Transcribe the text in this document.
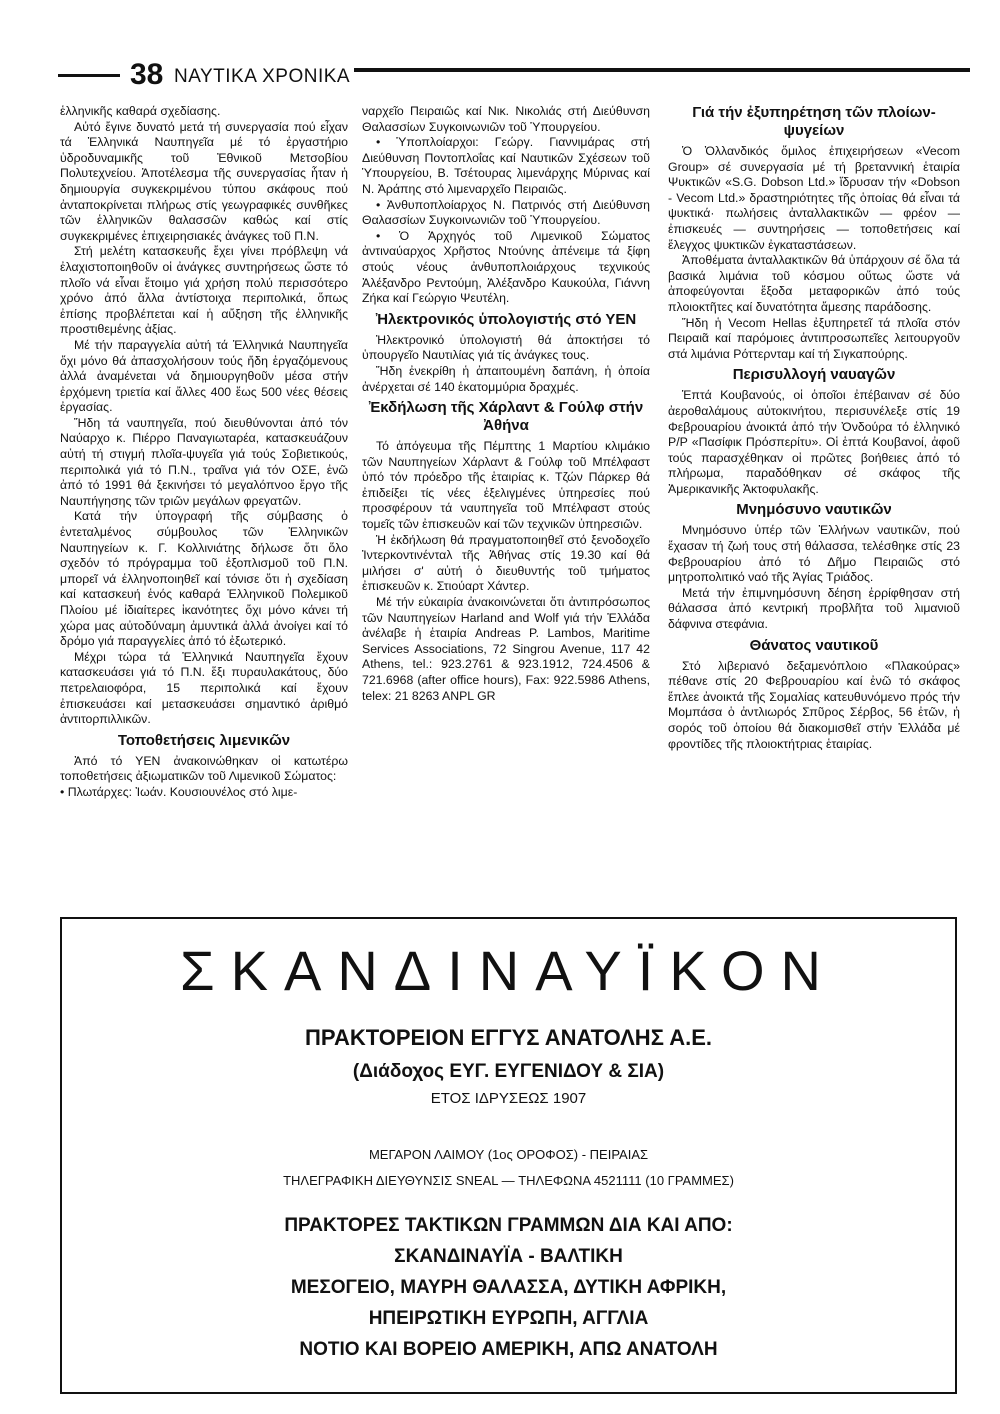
38 ΝΑΥΤΙΚΑ ΧΡΟΝΙΚΑ

ἑλληνικῆς καθαρά σχεδίασης.

Αὐτό ἔγινε δυνατό μετά τή συνεργασία πού εἶχαν τά Ἑλληνικά Ναυπηγεῖα μέ τό ἐργαστήριο ὑδροδυναμικῆς τοῦ Ἐθνικοῦ Μετσοβίου Πολυτεχνείου. Ἀποτέλεσμα τῆς συνεργασίας ἦταν ἡ δημιουργία συγκεκριμένου τύπου σκάφους πού ἀνταποκρίνεται πλήρως στίς γεωγραφικές συνθῆκες τῶν ἑλληνικῶν θαλασσῶν καθώς καί στίς συγκεκριμένες ἐπιχειρησιακές ἀνάγκες τοῦ Π.Ν.

Στή μελέτη κατασκευῆς ἔχει γίνει πρόβλεψη νά ἐλαχιστοποιηθοῦν οἱ ἀνάγκες συντηρήσεως ὥστε τό πλοῖο νά εἶναι ἕτοιμο γιά χρήση πολύ περισσότερο χρόνο ἀπό ἄλλα ἀντίστοιχα περιπολικά, ὅπως ἐπίσης προβλέπεται καί ἡ αὔξηση τῆς ἑλληνικῆς προστιθεμένης ἀξίας.

Μέ τήν παραγγελία αὐτή τά Ἑλληνικά Ναυπηγεῖα ὄχι μόνο θά ἀπασχολήσουν τούς ἤδη ἐργαζόμενους ἀλλά ἀναμένεται νά δημιουργηθοῦν μέσα στήν ἐρχόμενη τριετία καί ἄλλες 400 ἕως 500 νέες θέσεις ἐργασίας.

Ἤδη τά ναυπηγεῖα, πού διευθύνονται ἀπό τόν Ναύαρχο κ. Πιέρρο Παναγιωταρέα, κατασκευάζουν αὐτή τή στιγμή πλοῖα-ψυγεῖα γιά τούς Σοβιετικούς, περιπολικά γιά τό Π.Ν., τραῖνα γιά τόν ΟΣΕ, ἐνῶ ἀπό τό 1991 θά ξεκινήσει τό μεγαλόπνοο ἔργο τῆς Ναυπήγησης τῶν τριῶν μεγάλων φρεγατῶν.

Κατά τήν ὑπογραφή τῆς σύμβασης ὁ ἐντεταλμένος σύμβουλος τῶν Ἑλληνικῶν Ναυπηγείων κ. Γ. Κολλινιάτης δήλωσε ὅτι ὅλο σχεδόν τό πρόγραμμα τοῦ ἐξοπλισμοῦ τοῦ Π.Ν. μπορεῖ νά ἑλληνοποιηθεῖ καί τόνισε ὅτι ἡ σχεδίαση καί κατασκευή ἑνός καθαρά Ἑλληνικοῦ Πολεμικοῦ Πλοίου μέ ἰδιαίτερες ἱκανότητες ὄχι μόνο κάνει τή χώρα μας αὐτοδύναμη ἀμυντικά ἀλλά ἀνοίγει καί τό δρόμο γιά παραγγελίες ἀπό τό ἐξωτερικό.

Μέχρι τώρα τά Ἑλληνικά Ναυπηγεῖα ἔχουν κατασκευάσει γιά τό Π.Ν. ἕξι πυραυλακάτους, δύο πετρελαιοφόρα, 15 περιπολικά καί ἔχουν ἐπισκευάσει καί μετασκευάσει σημαντικό ἀριθμό ἀντιτορπιλλικῶν.

Τοποθετήσεις λιμενικῶν

Ἀπό τό ΥΕΝ ἀνακοινώθηκαν οἱ κατωτέρω τοποθετήσεις ἀξιωματικῶν τοῦ Λιμενικοῦ Σώματος:

• Πλωτάρχες: Ἰωάν. Κουσιουνέλος στό λιμε-

ναρχεῖο Πειραιῶς καί Νικ. Νικολιάς στή Διεύθυνση Θαλασσίων Συγκοινωνιῶν τοῦ Ὑπουργείου.

• Ὑποπλοίαρχοι: Γεώργ. Γιαννιμάρας στή Διεύθυνση Ποντοπλοΐας καί Ναυτικῶν Σχέσεων τοῦ Ὑπουργείου, Β. Τσέτουρας λιμενάρχης Μύρινας καί Ν. Ἀράπης στό λιμεναρχεῖο Πειραιῶς.

• Ἀνθυποπλοίαρχος Ν. Πατρινός στή Διεύθυνση Θαλασσίων Συγκοινωνιῶν τοῦ Ὑπουργείου.

• Ὁ Ἀρχηγός τοῦ Λιμενικοῦ Σώματος ἀντιναύαρχος Χρῆστος Ντούνης ἀπένειμε τά ξίφη στούς νέους ἀνθυποπλοιάρχους τεχνικούς Ἀλέξανδρο Ρεντούμη, Ἀλέξανδρο Καυκούλα, Γιάννη Ζήκα καί Γεώργιο Ψευτέλη.

Ἠλεκτρονικός ὑπολογιστής στό ΥΕΝ

Ἠλεκτρονικό ὑπολογιστή θά ἀποκτήσει τό ὑπουργεῖο Ναυτιλίας γιά τίς ἀνάγκες τους.

Ἤδη ἐνεκρίθη ἡ ἀπαιτουμένη δαπάνη, ἡ ὁποία ἀνέρχεται σέ 140 ἑκατομμύρια δραχμές.

Ἐκδήλωση τῆς Χάρλαντ & Γούλφ στήν Ἀθήνα

Τό ἀπόγευμα τῆς Πέμπτης 1 Μαρτίου κλιμάκιο τῶν Ναυπηγείων Χάρλαντ & Γούλφ τοῦ Μπέλφαστ ὑπό τόν πρόεδρο τῆς ἑταιρίας κ. Τζών Πάρκερ θά ἐπιδείξει τίς νέες ἐξελιγμένες ὑπηρεσίες πού προσφέρουν τά ναυπηγεῖα τοῦ Μπέλφαστ στούς τομεῖς τῶν ἐπισκευῶν καί τῶν τεχνικῶν ὑπηρεσιῶν.

Ἡ ἐκδήλωση θά πραγματοποιηθεῖ στό ξενοδοχεῖο Ἰντερκοντινένταλ τῆς Ἀθήνας στίς 19.30 καί θά μιλήσει σ' αὐτή ὁ διευθυντής τοῦ τμήματος ἐπισκευῶν κ. Στιούαρτ Χάντερ.

Μέ τήν εὐκαιρία ἀνακοινώνεται ὅτι ἀντιπρόσωπος τῶν Ναυπηγείων Harland and Wolf γιά τήν Ἑλλάδα ἀνέλαβε ἡ ἑταιρία Andreas P. Lambos, Maritime Services Associations, 72 Singrou Avenue, 117 42 Athens, tel.: 923.2761 & 923.1912, 724.4506 & 721.6968 (after office hours), Fax: 922.5986 Athens, telex: 21 8263 ANPL GR

Γιά τήν ἐξυπηρέτηση τῶν πλοίων-ψυγείων

Ὁ Ὀλλανδικός ὅμιλος ἐπιχειρήσεων «Vecom Group» σέ συνεργασία μέ τή βρεταννική ἑταιρία Ψυκτικῶν «S.G. Dobson Ltd.» ἵδρυσαν τήν «Dobson - Vecom Ltd.» δραστηριότητες τῆς ὁποίας θά εἶναι τά ψυκτικά· πωλήσεις ἀνταλλακτικῶν — φρέον — ἐπισκευές — συντηρήσεις — τοποθετήσεις καί ἔλεγχος ψυκτικῶν ἐγκαταστάσεων.

Ἀποθέματα ἀνταλλακτικῶν θά ὑπάρχουν σέ ὅλα τά βασικά λιμάνια τοῦ κόσμου οὕτως ὥστε νά ἀποφεύγονται ἔξοδα μεταφορικῶν ἀπό τούς πλοιοκτῆτες καί δυνατότητα ἄμεσης παράδοσης.

Ἤδη ἡ Vecom Hellas ἐξυπηρετεῖ τά πλοῖα στόν Πειραιᾶ καί παρόμοιες ἀντιπροσωπεῖες λειτουργοῦν στά λιμάνια Ρόττερνταμ καί τή Σιγκαπούρης.

Περισυλλογή ναυαγῶν

Ἑπτά Κουβανούς, οἱ ὁποῖοι ἐπέβαιναν σέ δύο ἀεροθαλάμους αὐτοκινήτου, περισυνέλεξε στίς 19 Φεβρουαρίου ἀνοικτά ἀπό τήν Ὀνδούρα τό ἑλληνικό Ρ/Ρ «Πασίφικ Πρόσπερίτυ». Οἱ ἑπτά Κουβανοί, ἀφοῦ τούς παρασχέθηκαν οἱ πρῶτες βοήθειες ἀπό τό πλήρωμα, παραδόθηκαν σέ σκάφος τῆς Ἀμερικανικῆς Ἀκτοφυλακῆς.

Μνημόσυνο ναυτικῶν

Μνημόσυνο ὑπέρ τῶν Ἑλλήνων ναυτικῶν, πού ἔχασαν τή ζωή τους στή θάλασσα, τελέσθηκε στίς 23 Φεβρουαρίου ἀπό τό Δῆμο Πειραιῶς στό μητροπολιτικό ναό τῆς Ἁγίας Τριάδος.

Μετά τήν ἐπιμνημόσυνη δέηση ἐρρίφθησαν στή θάλασσα ἀπό κεντρική προβλῆτα τοῦ λιμανιοῦ δάφνινα στεφάνια.

Θάνατος ναυτικοῦ

Στό λιβεριανό δεξαμενόπλοιο «Πλακούρας» πέθανε στίς 20 Φεβρουαρίου καί ἐνῶ τό σκάφος ἔπλεε ἀνοικτά τῆς Σομαλίας κατευθυνόμενο πρός τήν Μομπάσα ὁ ἀντλιωρός Σπῦρος Σέρβος, 56 ἐτῶν, ἡ σορός τοῦ ὁποίου θά διακομισθεῖ στήν Ἑλλάδα μέ φροντίδες τῆς πλοιοκτήτριας ἑταιρίας.

ΣΚΑΝΔΙΝΑΥΪΚΟΝ
ΠΡΑΚΤΟΡΕΙΟΝ ΕΓΓΥΣ ΑΝΑΤΟΛΗΣ Α.Ε.
(Διάδοχος ΕΥΓ. ΕΥΓΕΝΙΔΟΥ & ΣΙΑ)
ΕΤΟΣ ΙΔΡΥΣΕΩΣ 1907
ΜΕΓΑΡΟΝ ΛΑΙΜΟΥ (1ος ΟΡΟΦΟΣ) - ΠΕΙΡΑΙΑΣ
ΤΗΛΕΓΡΑΦΙΚΗ ΔΙΕΥΘΥΝΣΙΣ SNEAL — ΤΗΛΕΦΩΝΑ 4521111 (10 ΓΡΑΜΜΕΣ)
ΠΡΑΚΤΟΡΕΣ ΤΑΚΤΙΚΩΝ ΓΡΑΜΜΩΝ ΔΙΑ ΚΑΙ ΑΠΟ:
ΣΚΑΝΔΙΝΑΥΪΑ - ΒΑΛΤΙΚΗ
ΜΕΣΟΓΕΙΟ, ΜΑΥΡΗ ΘΑΛΑΣΣΑ, ΔΥΤΙΚΗ ΑΦΡΙΚΗ,
ΗΠΕΙΡΩΤΙΚΗ ΕΥΡΩΠΗ, ΑΓΓΛΙΑ
ΝΟΤΙΟ ΚΑΙ ΒΟΡΕΙΟ ΑΜΕΡΙΚΗ, ΑΠΩ ΑΝΑΤΟΛΗ
